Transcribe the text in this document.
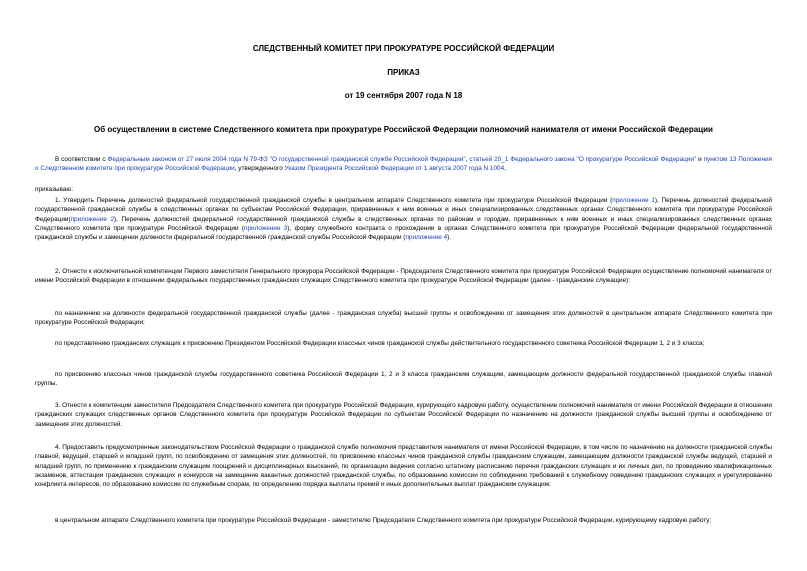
СЛЕДСТВЕННЫЙ КОМИТЕТ ПРИ ПРОКУРАТУРЕ РОССИЙСКОЙ ФЕДЕРАЦИИ
ПРИКАЗ
от 19 сентября 2007 года N 18
Об осуществлении в системе Следственного комитета при прокуратуре Российской Федерации полномочий нанимателя от имени Российской Федерации

В соответствии с Федеральным законом от 27 июля 2004 года N 79-ФЗ "О государственной гражданской службе Российской Федерации", статьей 20_1 Федерального закона "О прокуратуре Российской Федерации" и пунктом 13 Положения о Следственном комитете при прокуратуре Российской Федерации, утвержденного Указом Президента Российской Федерации от 1 августа 2007 года N 1004,

приказываю:

1. Утвердить Перечень должностей федеральной государственной гражданской службы в центральном аппарате Следственного комитета при прокуратуре Российской Федерации (приложение 1), Перечень должностей федеральной государственной гражданской службы в следственных органах по субъектам Российской Федерации, приравненных к ним военных и иных специализированных следственных органах Следственного комитета при прокуратуре Российской Федерации(приложение 2), Перечень должностей федеральной государственной гражданской службы в следственных органах по районам и городам, приравненных к ним военных и иных специализированных следственных органах Следственного комитета при прокуратуре Российской Федерации (приложение 3), форму служебного контракта о прохождении в органах Следственного комитета при прокуратуре Российской Федерации федеральной государственной гражданской службы и замещении должности федеральной государственной гражданской службы Российской Федерации (приложение 4).

2. Отнести к исключительной компетенции Первого заместителя Генерального прокурора Российской Федерации - Председателя Следственного комитета при прокуратуре Российской Федерации осуществление полномочий нанимателя от имени Российской Федерации в отношении федеральных государственных гражданских служащих Следственного комитета при прокуратуре Российской Федерации (далее - гражданские служащие):

по назначению на должности федеральной государственной гражданской службы (далее - гражданская служба) высшей группы и освобождению от замещения этих должностей в центральном аппарате Следственного комитета при прокуратуре Российской Федерации;

по представлению гражданских служащих к присвоению Президентом Российской Федерации классных чинов гражданской службы действительного государственного советника Российской Федерации 1, 2 и 3 класса;

по присвоению классных чинов гражданской службы государственного советника Российской Федерации 1, 2 и 3 класса гражданским служащим, замещающим должности федеральной государственной гражданской службы главной группы.

3. Отнести к компетенции заместителя Председателя Следственного комитета при прокуратуре Российской Федерации, курирующего кадровую работу, осуществление полномочий нанимателя от имени Российской Федерации в отношении гражданских служащих следственных органов Следственного комитета при прокуратуре Российской Федерации по субъектам Российской Федерации по назначению на должности гражданской службы высшей группы и освобождению от замещения этих должностей.

4. Предоставить предусмотренные законодательством Российской Федерации о гражданской службе полномочия представителя нанимателя от имени Российской Федерации, в том числе по назначению на должности гражданской службы главной, ведущей, старшей и младшей групп, по освобождению от замещения этих должностей, по присвоению классных чинов гражданской службы гражданским служащим, замещающим должности гражданской службы ведущей, старшей и младшей групп, по применению к гражданским служащим поощрений и дисциплинарных взысканий, по организации ведения согласно штатному расписанию перечня гражданских служащих и их личных дел, по проведению квалификационных экзаменов, аттестации гражданских служащих и конкурсов на замещение вакантных должностей гражданской службы, по образованию комиссии по соблюдению требований к служебному поведению гражданских служащих и урегулированию конфликта интересов, по образованию комиссии по служебным спорам, по определению порядка выплаты премий и иных дополнительных выплат гражданским служащим:

в центральном аппарате Следственного комитета при прокуратуре Российской Федерации - заместителю Председателя Следственного комитета при прокуратуре Российской Федерации, курирующему кадровую работу;
